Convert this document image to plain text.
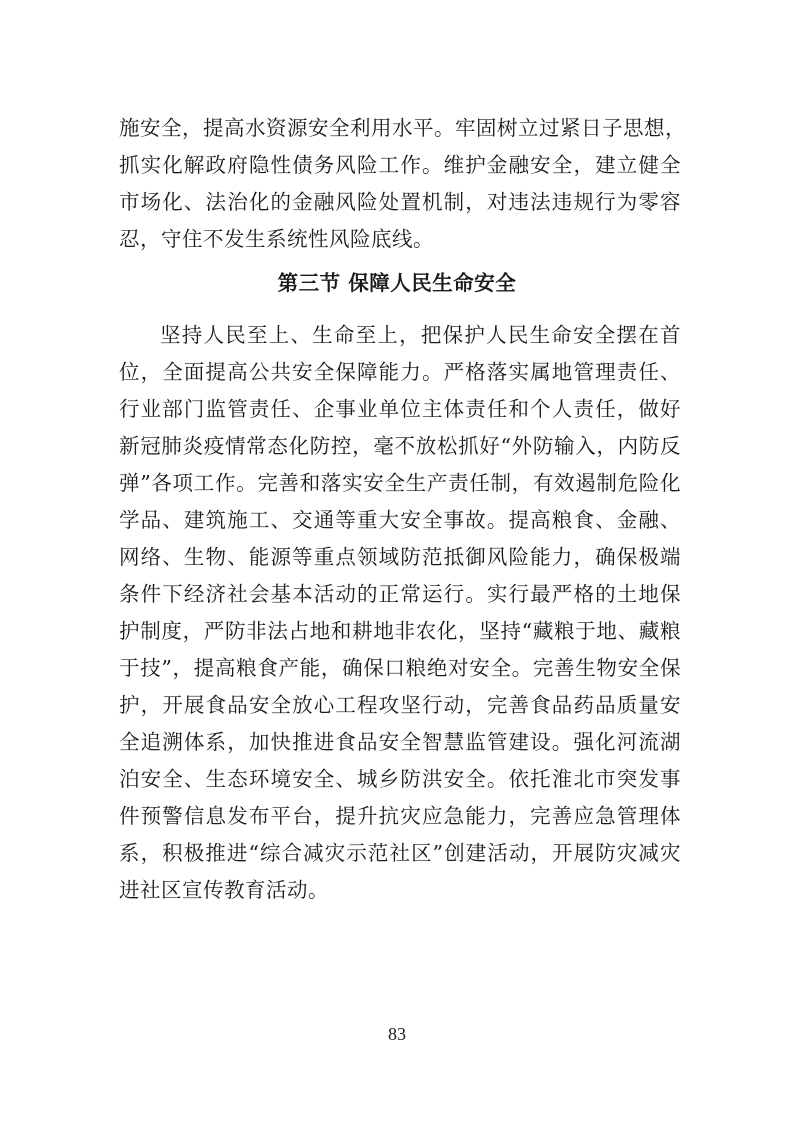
施安全，提高水资源安全利用水平。牢固树立过紧日子思想，
抓实化解政府隐性债务风险工作。维护金融安全，建立健全
市场化、法治化的金融风险处置机制，对违法违规行为零容
忍，守住不发生系统性风险底线。
第三节 保障人民生命安全
坚持人民至上、生命至上，把保护人民生命安全摆在首
位，全面提高公共安全保障能力。严格落实属地管理责任、
行业部门监管责任、企事业单位主体责任和个人责任，做好
新冠肺炎疫情常态化防控，毫不放松抓好“外防输入，内防反
弹”各项工作。完善和落实安全生产责任制，有效遏制危险化
学品、建筑施工、交通等重大安全事故。提高粮食、金融、
网络、生物、能源等重点领域防范抵御风险能力，确保极端
条件下经济社会基本活动的正常运行。实行最严格的土地保
护制度，严防非法占地和耕地非农化，坚持“藏粮于地、藏粮
于技”，提高粮食产能，确保口粮绝对安全。完善生物安全保
护，开展食品安全放心工程攻坚行动，完善食品药品质量安
全追溯体系，加快推进食品安全智慧监管建设。强化河流湖
泊安全、生态环境安全、城乡防洪安全。依托淮北市突发事
件预警信息发布平台，提升抗灾应急能力，完善应急管理体
系，积极推进“综合减灾示范社区”创建活动，开展防灾减灾
进社区宣传教育活动。
83
